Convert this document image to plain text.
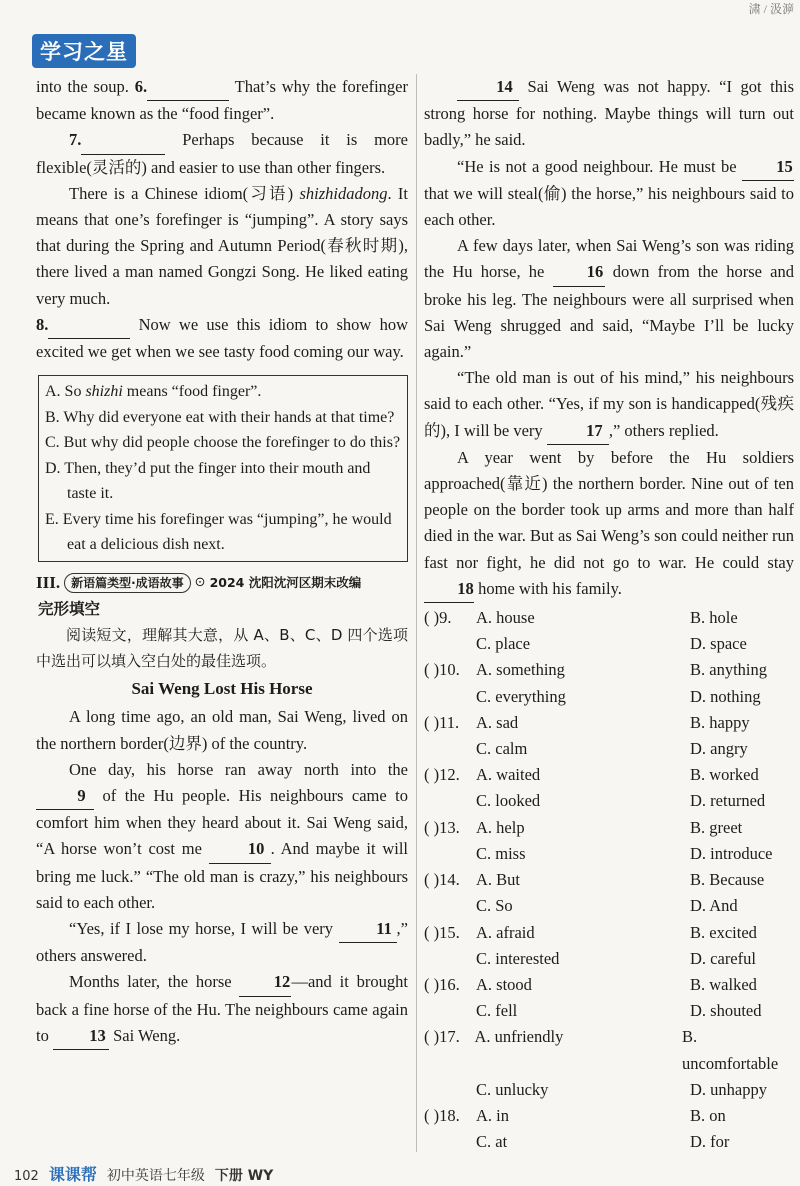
学习之星
㴋 / 汲㴑

into the soup. 6.	That’s why the forefinger became known as the “food finger”.

7.	Perhaps because it is more flexible(灵活的) and easier to use than other fingers.

There is a Chinese idiom(习语) shizhidadong. It means that one’s forefinger is “jumping”. A story says that during the Spring and Autumn Period(春秋时期), there lived a man named Gongzi Song. He liked eating very much.

8.	Now we use this idiom to show how excited we get when we see tasty food coming our way.

A. So shizhi means “food finger”.
B. Why did everyone eat with their hands at that time?
C. But why did people choose the forefinger to do this?
D. Then, they’d put the finger into their mouth and taste it.
E. Every time his forefinger was “jumping”, he would eat a delicious dish next.
III. 新语篇类型·成语故事 ⊙ 2024 沈阳沈河区期末改编
完形填空

阅读短文，理解其大意，从 A、B、C、D 四个选项中选出可以填入空白处的最佳选项。

Sai Weng Lost His Horse

A long time ago, an old man, Sai Weng, lived on the northern border(边界) of the country.

One day, his horse ran away north into the 9 of the Hu people. His neighbours came to comfort him when they heard about it. Sai Weng said, “A horse won’t cost me 10 . And maybe it will bring me luck.” “The old man is crazy,” his neighbours said to each other.

“Yes, if I lose my horse, I will be very 11 ,” others answered.

Months later, the horse 12—and it brought back a fine horse of the Hu. The neighbours came again to 13 Sai Weng.

14 Sai Weng was not happy. “I got this strong horse for nothing. Maybe things will turn out badly,” he said.

“He is not a good neighbour. He must be 15 that we will steal(偷) the horse,” his neighbours said to each other.

A few days later, when Sai Weng’s son was riding the Hu horse, he 16 down from the horse and broke his leg. The neighbours were all surprised when Sai Weng shrugged and said, “Maybe I’ll be lucky again.”

“The old man is out of his mind,” his neighbours said to each other. “Yes, if my son is handicapped(残疾的), I will be very 17 ,” others replied.

A year went by before the Hu soldiers approached(靠近) the northern border. Nine out of ten people on the border took up arms and more than half died in the war. But as Sai Weng’s son could neither run fast nor fight, he did not go to war. He could stay 18 home with his family.

( )9.	A. house	B. hole
C. place	D. space
( )10. A. something	B. anything
C. everything	D. nothing
( )11.	A. sad	B. happy
C. calm	D. angry
( )12. A. waited	B. worked
C. looked	D. returned
( )13. A. help	B. greet
C. miss	D. introduce
( )14. A. But	B. Because
C. So	D. And
( )15. A. afraid	B. excited
C. interested	D. careful
( )16. A. stood	B. walked
C. fell	D. shouted
( )17. A. unfriendly	B. uncomfortable
C. unlucky	D. unhappy
( )18. A. in	B. on
C. at	D. for
102 课课帮 初中英语七年级 下册 WY
